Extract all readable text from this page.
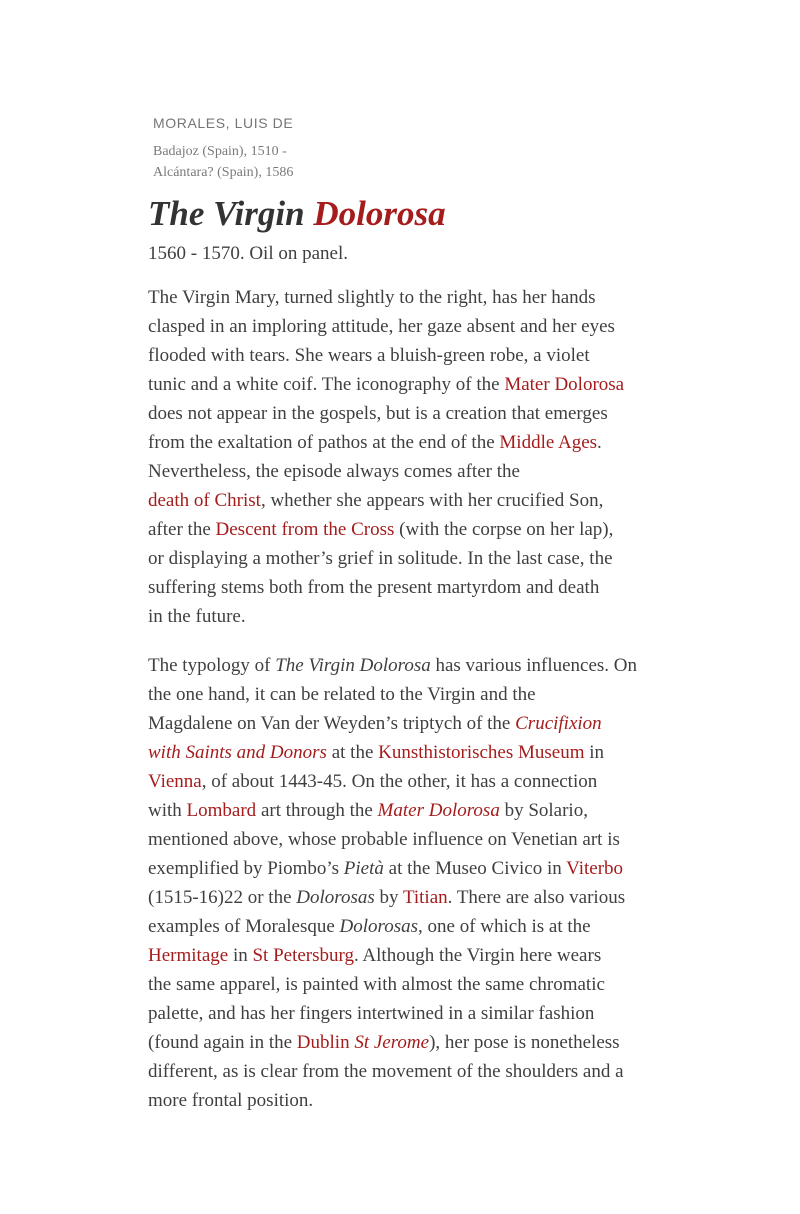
MORALES, LUIS DE
Badajoz (Spain), 1510 -
Alcántara? (Spain), 1586
The Virgin Dolorosa
1560 - 1570. Oil on panel.
The Virgin Mary, turned slightly to the right, has her hands
clasped in an imploring attitude, her gaze absent and her eyes
flooded with tears. She wears a bluish-green robe, a violet
tunic and a white coif. The iconography of the Mater Dolorosa
does not appear in the gospels, but is a creation that emerges
from the exaltation of pathos at the end of the Middle Ages.
Nevertheless, the episode always comes after the
death of Christ, whether she appears with her crucified Son,
after the Descent from the Cross (with the corpse on her lap),
or displaying a mother’s grief in solitude. In the last case, the
suffering stems both from the present martyrdom and death
in the future.
The typology of The Virgin Dolorosa has various influences. On
the one hand, it can be related to the Virgin and the
Magdalene on Van der Weyden’s triptych of the Crucifixion
with Saints and Donors at the Kunsthistorisches Museum in
Vienna, of about 1443-45. On the other, it has a connection
with Lombard art through the Mater Dolorosa by Solario,
mentioned above, whose probable influence on Venetian art is
exemplified by Piombo’s Pietà at the Museo Civico in Viterbo
(1515-16)22 or the Dolorosas by Titian. There are also various
examples of Moralesque Dolorosas, one of which is at the
Hermitage in St Petersburg. Although the Virgin here wears
the same apparel, is painted with almost the same chromatic
palette, and has her fingers intertwined in a similar fashion
(found again in the Dublin St Jerome), her pose is nonetheless
different, as is clear from the movement of the shoulders and a
more frontal position.
